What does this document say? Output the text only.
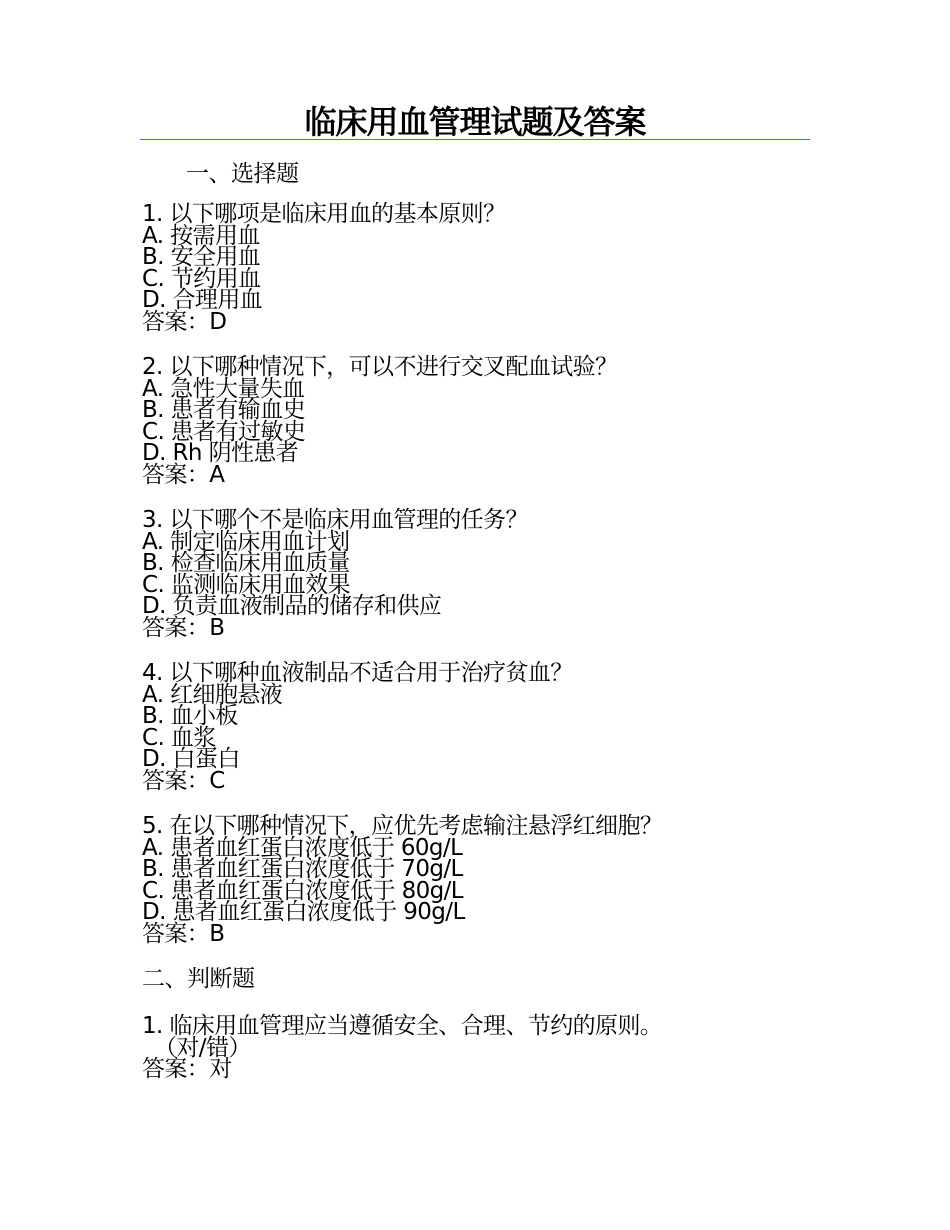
临床用血管理试题及答案
一、选择题
1. 以下哪项是临床用血的基本原则？
A. 按需用血
B. 安全用血
C. 节约用血
D. 合理用血
答案：D
2. 以下哪种情况下，可以不进行交叉配血试验？
A. 急性大量失血
B. 患者有输血史
C. 患者有过敏史
D. Rh 阴性患者
答案：A
3. 以下哪个不是临床用血管理的任务？
A. 制定临床用血计划
B. 检查临床用血质量
C. 监测临床用血效果
D. 负责血液制品的储存和供应
答案：B
4. 以下哪种血液制品不适合用于治疗贫血？
A. 红细胞悬液
B. 血小板
C. 血浆
D. 白蛋白
答案：C
5. 在以下哪种情况下，应优先考虑输注悬浮红细胞？
A. 患者血红蛋白浓度低于 60g/L
B. 患者血红蛋白浓度低于 70g/L
C. 患者血红蛋白浓度低于 80g/L
D. 患者血红蛋白浓度低于 90g/L
答案：B
二、判断题
1. 临床用血管理应当遵循安全、合理、节约的原则。
（对/错）
答案：对
